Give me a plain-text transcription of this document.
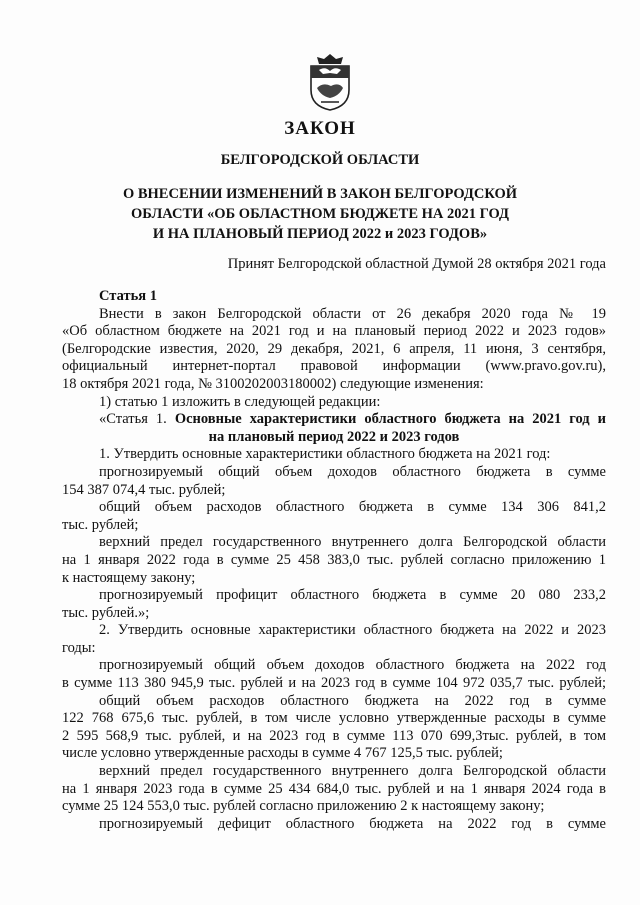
ЗАКОН
БЕЛГОРОДСКОЙ ОБЛАСТИ
О ВНЕСЕНИИ ИЗМЕНЕНИЙ В ЗАКОН БЕЛГОРОДСКОЙ
ОБЛАСТИ «ОБ ОБЛАСТНОМ БЮДЖЕТЕ НА 2021 ГОД
И НА ПЛАНОВЫЙ ПЕРИОД 2022 и 2023 ГОДОВ»
Принят Белгородской областной Думой 28 октября 2021 года

Статья 1

Внести в закон Белгородской области от 26 декабря 2020 года № 19

«Об областном бюджете на 2021 год и на плановый период 2022 и 2023 годов»

(Белгородские известия, 2020, 29 декабря, 2021, 6 апреля, 11 июня, 3 сентября,

официальный интернет-портал правовой информации (www.pravo.gov.ru),

18 октября 2021 года, № 3100202003180002) следующие изменения:

1) статью 1 изложить в следующей редакции:

«Статья 1. Основные характеристики областного бюджета на 2021 год и

на плановый период 2022 и 2023 годов

1. Утвердить основные характеристики областного бюджета на 2021 год:

прогнозируемый общий объем доходов областного бюджета в сумме

154 387 074,4 тыс. рублей;

общий объем расходов областного бюджета в сумме 134 306 841,2

тыс. рублей;

верхний предел государственного внутреннего долга Белгородской области

на 1 января 2022 года в сумме 25 458 383,0 тыс. рублей согласно приложению 1

к настоящему закону;

прогнозируемый профицит областного бюджета в сумме 20 080 233,2

тыс. рублей.»;

2. Утвердить основные характеристики областного бюджета на 2022 и 2023

годы:

прогнозируемый общий объем доходов областного бюджета на 2022 год

в сумме 113 380 945,9 тыс. рублей и на 2023 год в сумме 104 972 035,7 тыс. рублей;

общий объем расходов областного бюджета на 2022 год в сумме

122 768 675,6 тыс. рублей, в том числе условно утвержденные расходы в сумме

2 595 568,9 тыс. рублей, и на 2023 год в сумме 113 070 699,3тыс. рублей, в том

числе условно утвержденные расходы в сумме 4 767 125,5 тыс. рублей;

верхний предел государственного внутреннего долга Белгородской области

на 1 января 2023 года в сумме 25 434 684,0 тыс. рублей и на 1 января 2024 года в

сумме 25 124 553,0 тыс. рублей согласно приложению 2 к настоящему закону;

прогнозируемый дефицит областного бюджета на 2022 год в сумме
